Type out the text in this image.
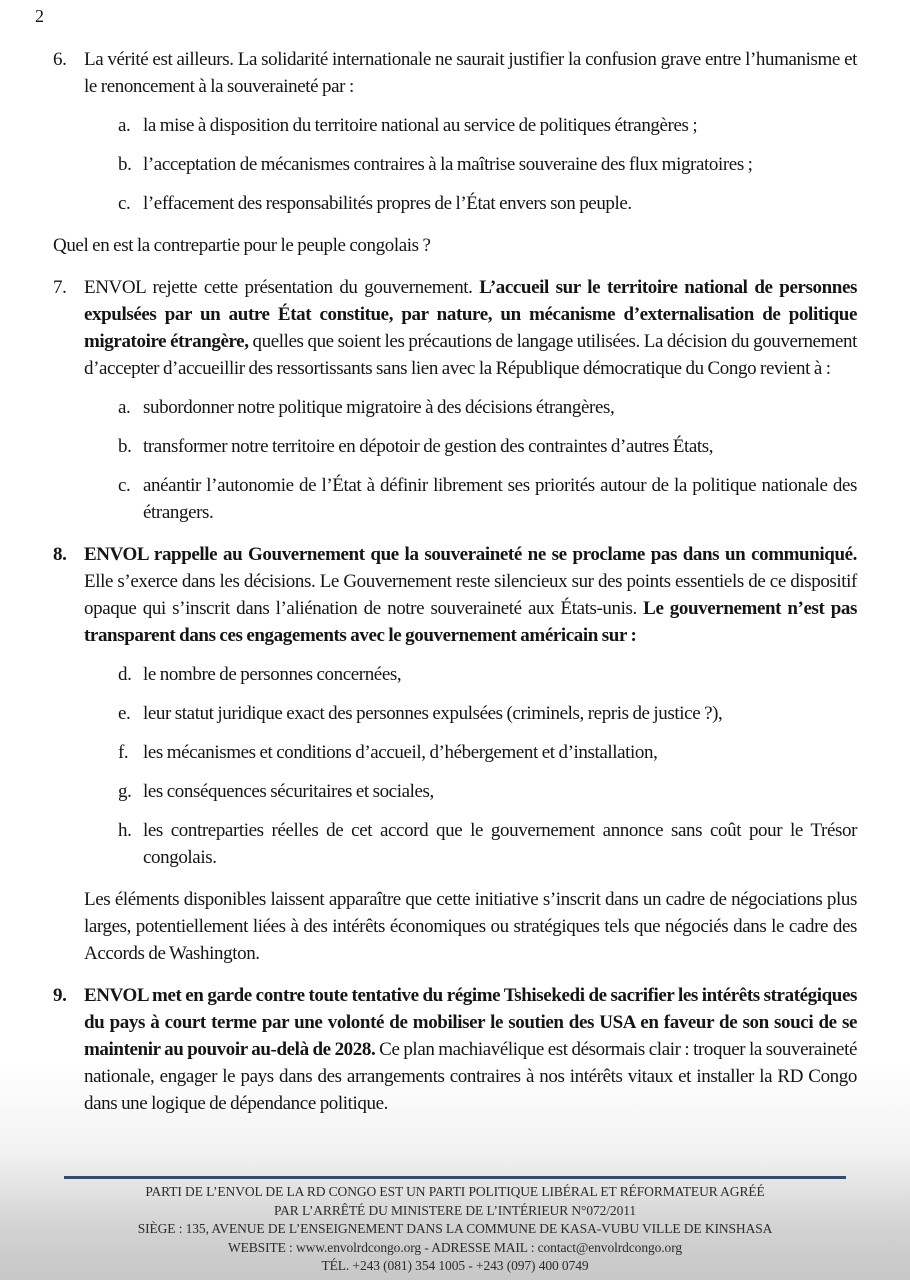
2
6. La vérité est ailleurs. La solidarité internationale ne saurait justifier la confusion grave entre l’humanisme et le renoncement à la souveraineté par :
a. la mise à disposition du territoire national au service de politiques étrangères ;
b. l’acceptation de mécanismes contraires à la maîtrise souveraine des flux migratoires ;
c. l’effacement des responsabilités propres de l’État envers son peuple.
Quel en est la contrepartie pour le peuple congolais ?
7. ENVOL rejette cette présentation du gouvernement. L’accueil sur le territoire national de personnes expulsées par un autre État constitue, par nature, un mécanisme d’externalisation de politique migratoire étrangère, quelles que soient les précautions de langage utilisées. La décision du gouvernement d’accepter d’accueillir des ressortissants sans lien avec la République démocratique du Congo revient à :
a. subordonner notre politique migratoire à des décisions étrangères,
b. transformer notre territoire en dépotoir de gestion des contraintes d’autres États,
c. anéantir l’autonomie de l’État à définir librement ses priorités autour de la politique nationale des étrangers.
8. ENVOL rappelle au Gouvernement que la souveraineté ne se proclame pas dans un communiqué. Elle s’exerce dans les décisions. Le Gouvernement reste silencieux sur des points essentiels de ce dispositif opaque qui s’inscrit dans l’aliénation de notre souveraineté aux États-unis. Le gouvernement n’est pas transparent dans ces engagements avec le gouvernement américain sur :
d. le nombre de personnes concernées,
e. leur statut juridique exact des personnes expulsées (criminels, repris de justice ?),
f. les mécanismes et conditions d’accueil, d’hébergement et d’installation,
g. les conséquences sécuritaires et sociales,
h. les contreparties réelles de cet accord que le gouvernement annonce sans coût pour le Trésor congolais.
Les éléments disponibles laissent apparaître que cette initiative s’inscrit dans un cadre de négociations plus larges, potentiellement liées à des intérêts économiques ou stratégiques tels que négociés dans le cadre des Accords de Washington.
9. ENVOL met en garde contre toute tentative du régime Tshisekedi de sacrifier les intérêts stratégiques du pays à court terme par une volonté de mobiliser le soutien des USA en faveur de son souci de se maintenir au pouvoir au-delà de 2028. Ce plan machiavélique est désormais clair : troquer la souveraineté nationale, engager le pays dans des arrangements contraires à nos intérêts vitaux et installer la RD Congo dans une logique de dépendance politique.
PARTI DE L’ENVOL DE LA RD CONGO EST UN PARTI POLITIQUE LIBÉRAL ET RÉFORMATEUR AGRÉÉ
PAR L’ARRÊTÉ DU MINISTERE DE L’INTÉRIEUR N°072/2011
SIÈGE : 135, AVENUE DE L’ENSEIGNEMENT DANS LA COMMUNE DE KASA-VUBU VILLE DE KINSHASA
WEBSITE : www.envolrdcongo.org - ADRESSE MAIL : contact@envolrdcongo.org
TÉL. +243 (081) 354 1005 - +243 (097) 400 0749
